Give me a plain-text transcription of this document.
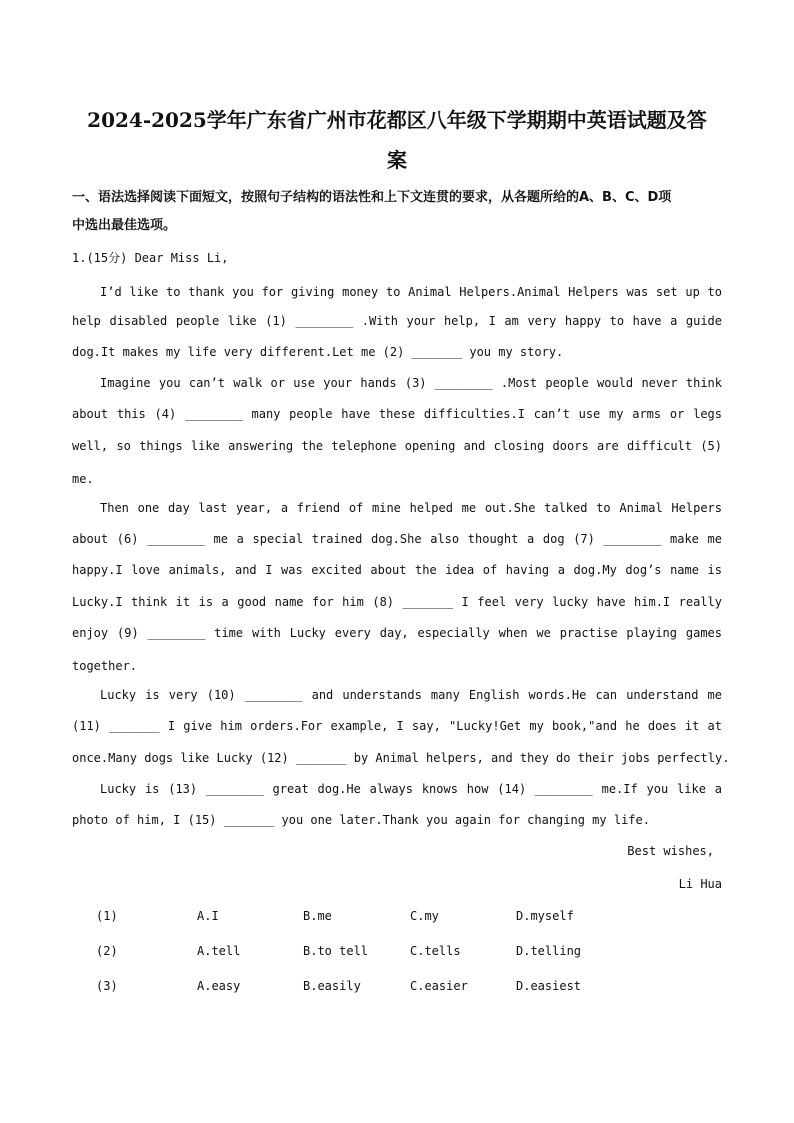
2024-2025学年广东省广州市花都区八年级下学期期中英语试题及答
案
一、语法选择阅读下面短文，按照句子结构的语法性和上下文连贯的要求，从各题所给的A、B、C、D项
中选出最佳选项。
1.(15分) Dear Miss Li,
I’d like to thank you for giving money to Animal Helpers.Animal Helpers was set up to
help disabled people like (1) ________ .With your help, I am very happy to have a guide
dog.It makes my life very different.Let me (2) _______ you my story.
Imagine you can’t walk or use your hands (3) ________ .Most people would never think
about this (4) ________ many people have these difficulties.I can’t use my arms or legs
well, so things like answering the telephone opening and closing doors are difficult (5)
me.
Then one day last year, a friend of mine helped me out.She talked to Animal Helpers
about (6) ________ me a special trained dog.She also thought a dog (7) ________ make me
happy.I love animals, and I was excited about the idea of having a dog.My dog’s name is
Lucky.I think it is a good name for him (8) _______ I feel very lucky have him.I really
enjoy (9) ________ time with Lucky every day, especially when we practise playing games
together.
Lucky is very (10) ________ and understands many English words.He can understand me
(11) _______ I give him orders.For example, I say, "Lucky!Get my book,"and he does it at
once.Many dogs like Lucky (12) _______ by Animal helpers, and they do their jobs perfectly.
Lucky is (13) ________ great dog.He always knows how (14) ________ me.If you like a
photo of him, I (15) _______ you one later.Thank you again for changing my life.
Best wishes,
Li Hua
(1)	A.I	B.me	C.my	D.myself
(2)	A.tell	B.to tell	C.tells	D.telling
(3)	A.easy	B.easily	C.easier	D.easiest
